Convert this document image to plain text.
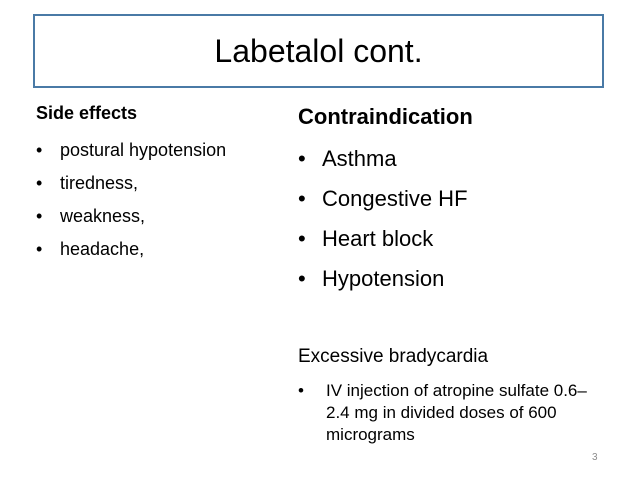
Labetalol cont.
Side effects
• postural hypotension
• tiredness,
• weakness,
• headache,
Contraindication
• Asthma
• Congestive HF
• Heart block
• Hypotension
Excessive bradycardia
•	IV injection of atropine sulfate 0.6–2.4 mg in divided doses of 600 micrograms
3
